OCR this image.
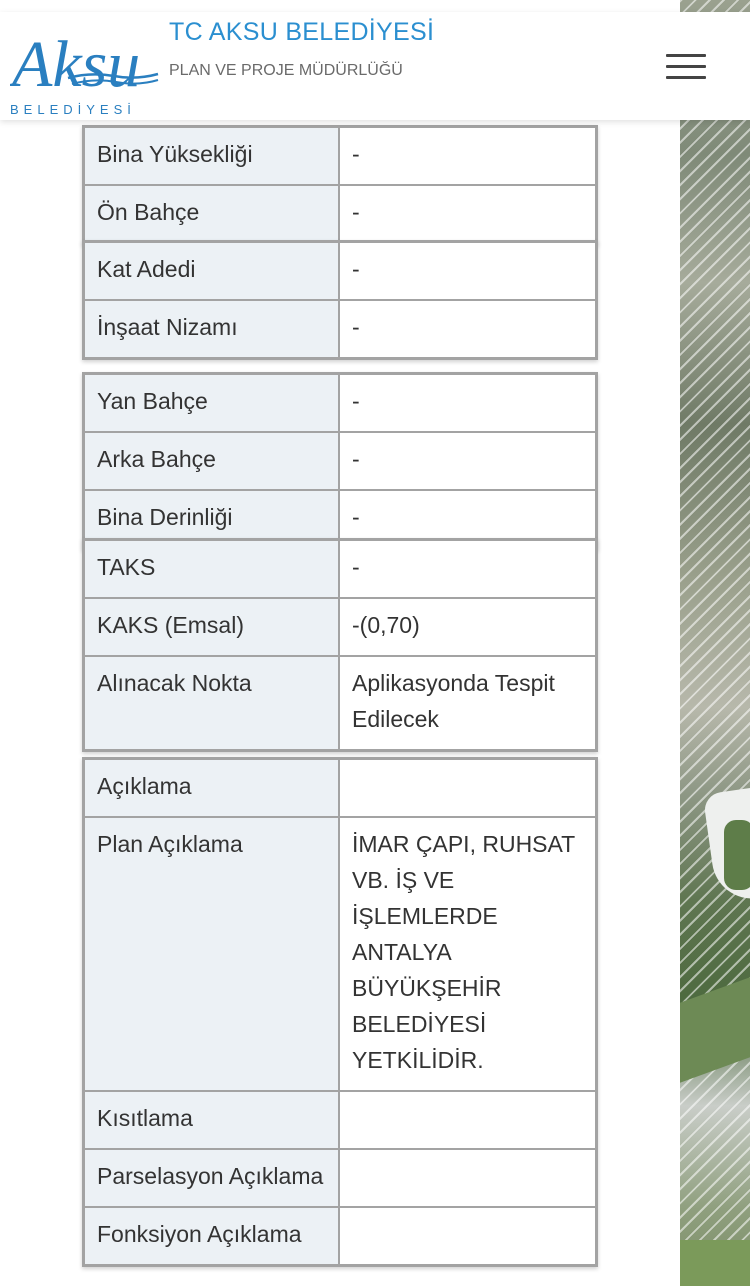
Aksu
BELEDİYESİ
TC AKSU BELEDİYESİ
PLAN VE PROJE MÜDÜRLÜĞÜ
Bina Yüksekliği	-

Ön Bahçe	-
Kat Adedi	-

İnşaat Nizamı	-
Yan Bahçe	-

Arka Bahçe	-

Bina Derinliği	-
TAKS	-

KAKS (Emsal)	-(0,70)

Alınacak Nokta	Aplikasyonda Tespit Edilecek
Açıklama	

Plan Açıklama	İMAR ÇAPI, RUHSAT VB. İŞ VE İŞLEMLERDE ANTALYA BÜYÜKŞEHİR BELEDİYESİ YETKİLİDİR.

Kısıtlama	

Parselasyon Açıklama	

Fonksiyon Açıklama	
